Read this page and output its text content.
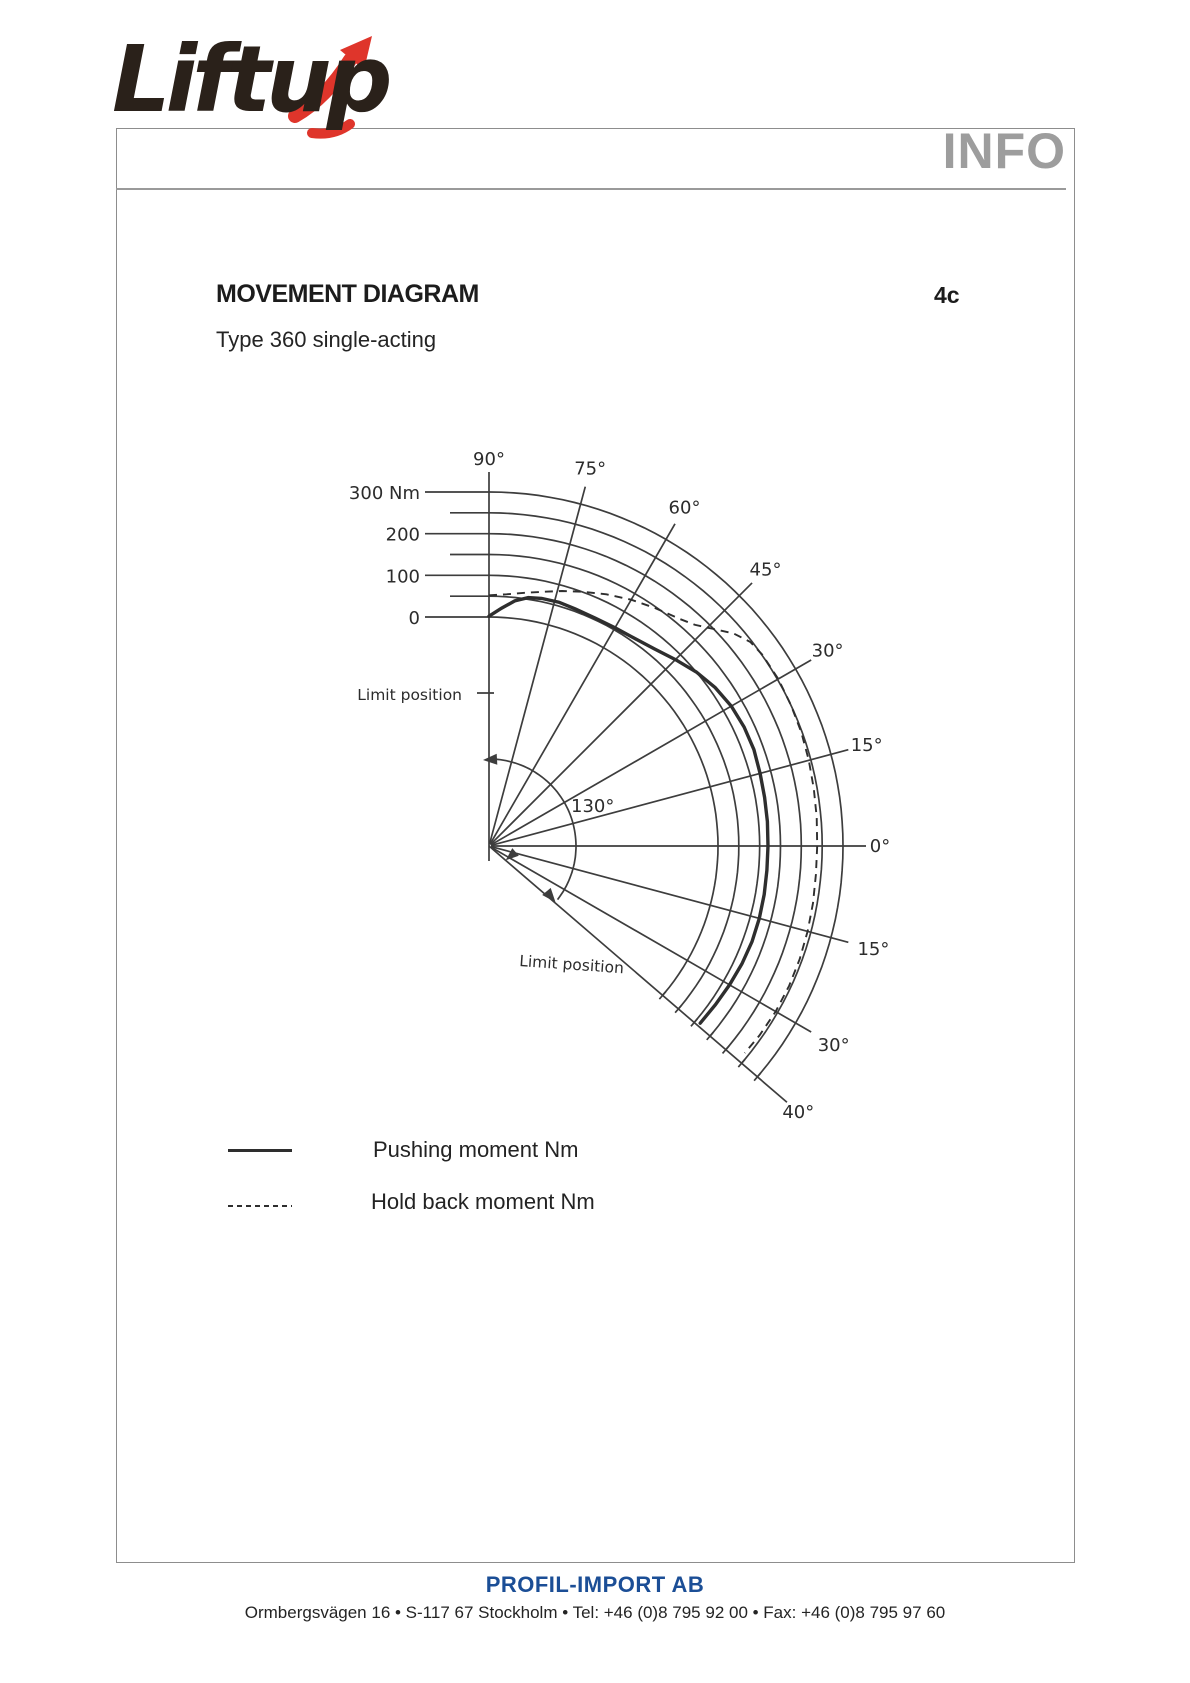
Liftup
INFO
MOVEMENT DIAGRAM	4c
Type 360 single-acting
130°
90°	75°
60°
45°
30°
15°
0°
15°
30°
40°
300 Nm
200
100
0
Limit position
Limit position
Pushing moment Nm
Hold back moment Nm
PROFIL-IMPORT AB
Ormbergsvägen 16 • S-117 67 Stockholm • Tel: +46 (0)8 795 92 00 • Fax: +46 (0)8 795 97 60
